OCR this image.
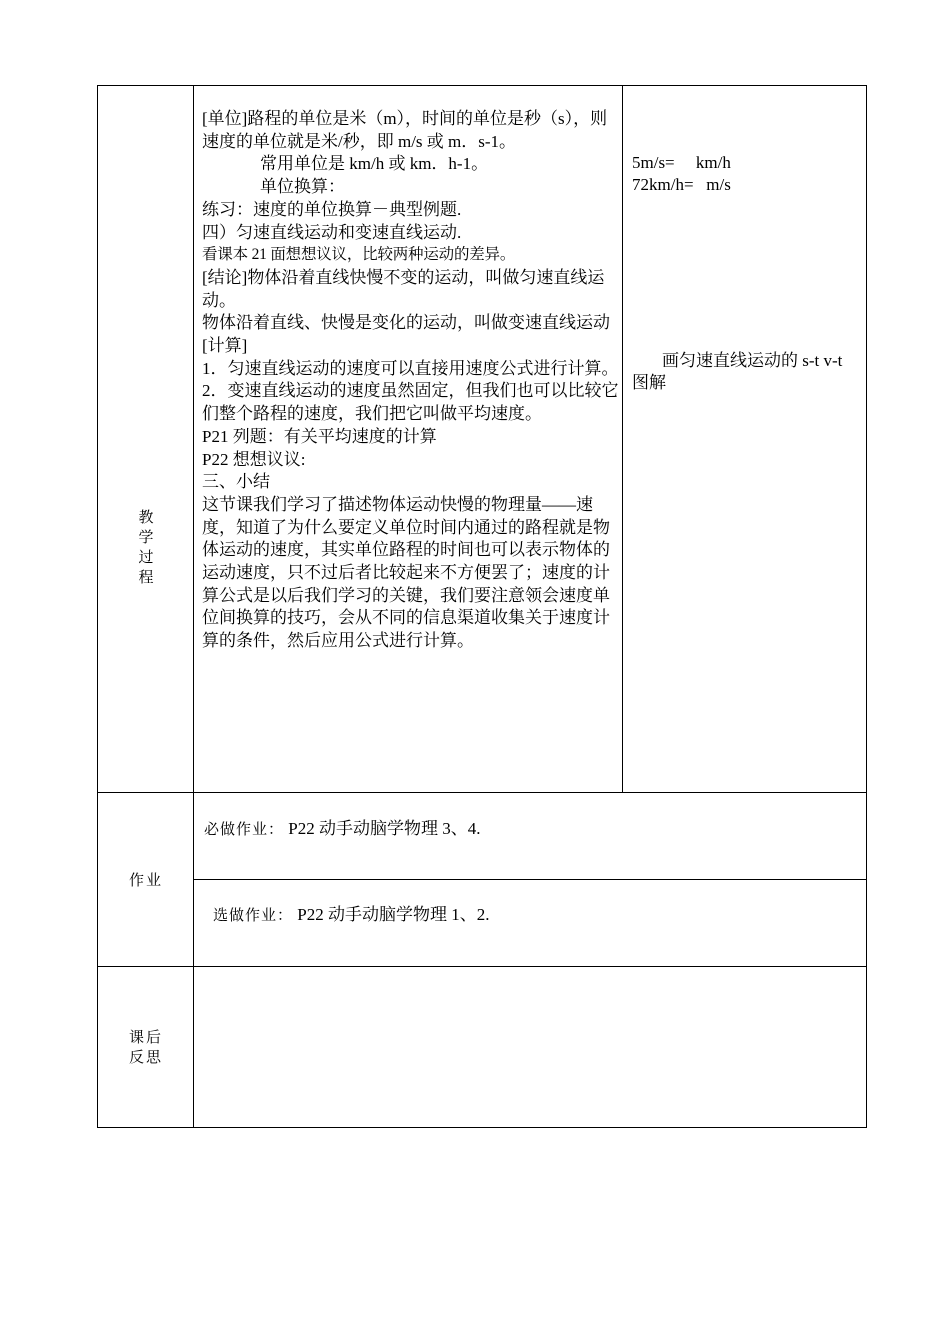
教
学
过
程

[单位]路程的单位是米（m），时间的单位是秒（s），则速度的单位就是米/秒，即 m/s 或 m．s-1。

常用单位是 km/h 或 km．h-1。

单位换算：

练习：速度的单位换算－典型例题.

四）匀速直线运动和变速直线运动.

看课本 21 面想想议议，比较两种运动的差异。

[结论]物体沿着直线快慢不变的运动，叫做匀速直线运动。

物体沿着直线、快慢是变化的运动，叫做变速直线运动

[计算]

1．匀速直线运动的速度可以直接用速度公式进行计算。

2．变速直线运动的速度虽然固定，但我们也可以比较它们整个路程的速度，我们把它叫做平均速度。

P21 列题：有关平均速度的计算

P22 想想议议:

三、小结

这节课我们学习了描述物体运动快慢的物理量——速度，知道了为什么要定义单位时间内通过的路程就是物体运动的速度，其实单位路程的时间也可以表示物体的运动速度，只不过后者比较起来不方便罢了；速度的计算公式是以后我们学习的关键，我们要注意领会速度单位间换算的技巧，会从不同的信息渠道收集关于速度计算的条件，然后应用公式进行计算。

5m/s=     km/h
72km/h=   m/s
画匀速直线运动的 s-t v-t 图解
作业
必做作业： P22 动手动脑学物理 3、4.
选做作业： P22 动手动脑学物理 1、2.
课后
反思
